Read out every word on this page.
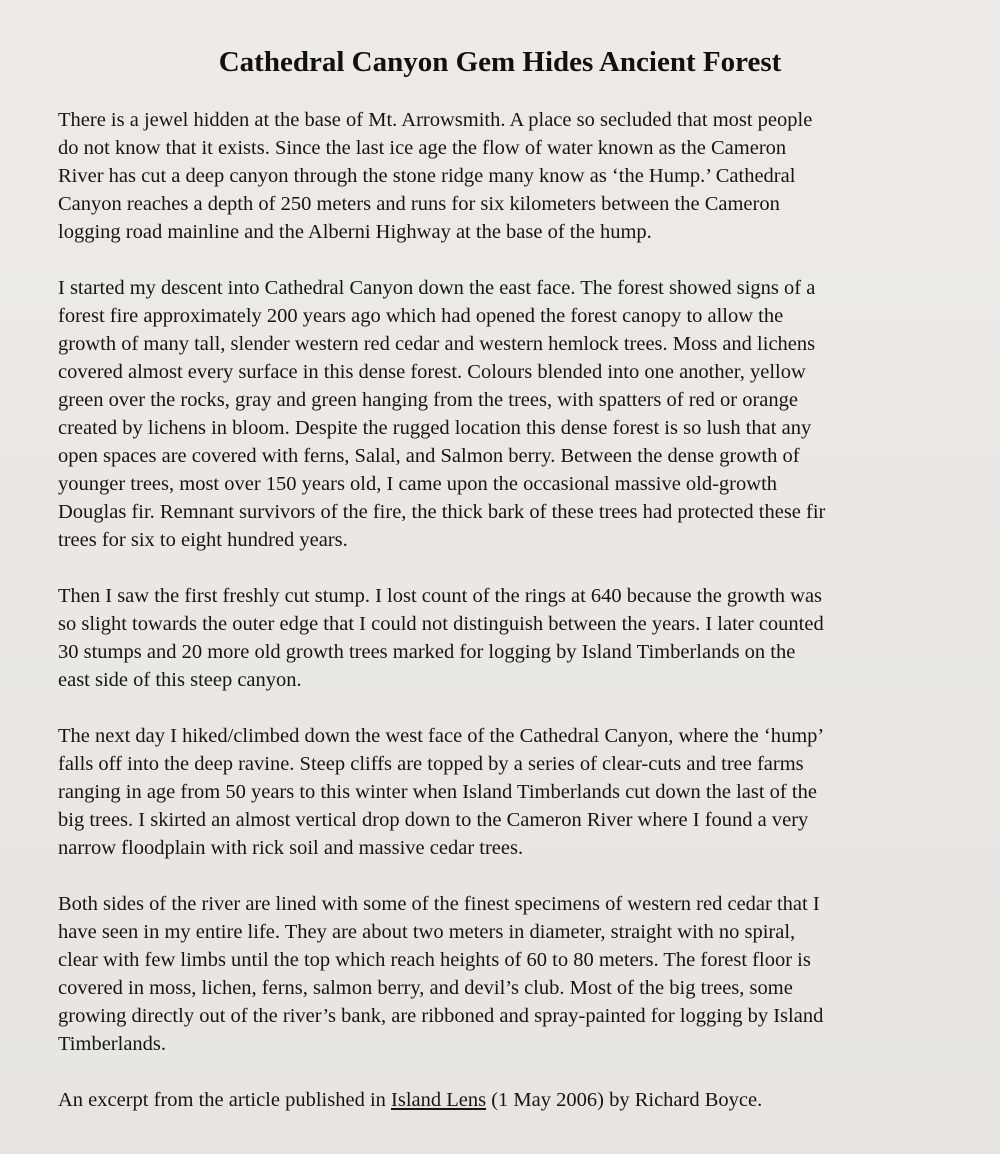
Cathedral Canyon Gem Hides Ancient Forest

There is a jewel hidden at the base of Mt. Arrowsmith. A place so secluded that most people
do not know that it exists. Since the last ice age the flow of water known as the Cameron
River has cut a deep canyon through the stone ridge many know as ‘the Hump.’ Cathedral
Canyon reaches a depth of 250 meters and runs for six kilometers between the Cameron
logging road mainline and the Alberni Highway at the base of the hump.

I started my descent into Cathedral Canyon down the east face. The forest showed signs of a
forest fire approximately 200 years ago which had opened the forest canopy to allow the
growth of many tall, slender western red cedar and western hemlock trees. Moss and lichens
covered almost every surface in this dense forest. Colours blended into one another, yellow
green over the rocks, gray and green hanging from the trees, with spatters of red or orange
created by lichens in bloom. Despite the rugged location this dense forest is so lush that any
open spaces are covered with ferns, Salal, and Salmon berry. Between the dense growth of
younger trees, most over 150 years old, I came upon the occasional massive old-growth
Douglas fir. Remnant survivors of the fire, the thick bark of these trees had protected these fir
trees for six to eight hundred years.

Then I saw the first freshly cut stump. I lost count of the rings at 640 because the growth was
so slight towards the outer edge that I could not distinguish between the years. I later counted
30 stumps and 20 more old growth trees marked for logging by Island Timberlands on the
east side of this steep canyon.

The next day I hiked/climbed down the west face of the Cathedral Canyon, where the ‘hump’
falls off into the deep ravine. Steep cliffs are topped by a series of clear-cuts and tree farms
ranging in age from 50 years to this winter when Island Timberlands cut down the last of the
big trees. I skirted an almost vertical drop down to the Cameron River where I found a very
narrow floodplain with rick soil and massive cedar trees.

Both sides of the river are lined with some of the finest specimens of western red cedar that I
have seen in my entire life. They are about two meters in diameter, straight with no spiral,
clear with few limbs until the top which reach heights of 60 to 80 meters. The forest floor is
covered in moss, lichen, ferns, salmon berry, and devil’s club. Most of the big trees, some
growing directly out of the river’s bank, are ribboned and spray-painted for logging by Island
Timberlands.

An excerpt from the article published in Island Lens (1 May 2006) by Richard Boyce.
